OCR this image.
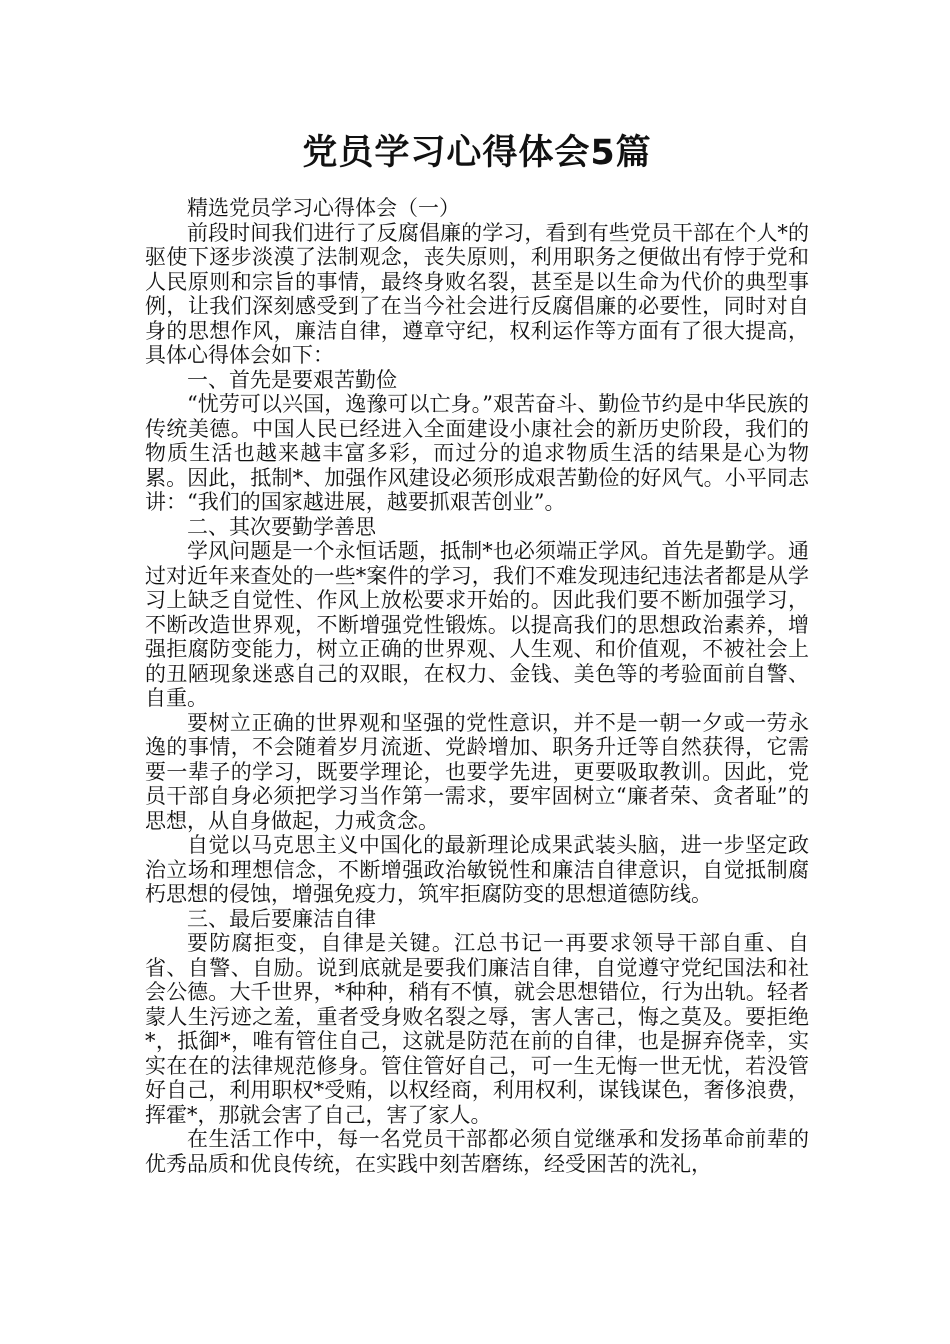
党员学习心得体会5篇

精选党员学习心得体会（一）

前段时间我们进行了反腐倡廉的学习，看到有些党员干部在个人*的驱使下逐步淡漠了法制观念，丧失原则，利用职务之便做出有悖于党和人民原则和宗旨的事情，最终身败名裂，甚至是以生命为代价的典型事例，让我们深刻感受到了在当今社会进行反腐倡廉的必要性，同时对自身的思想作风，廉洁自律，遵章守纪，权利运作等方面有了很大提高，具体心得体会如下：

一、首先是要艰苦勤俭

“忧劳可以兴国，逸豫可以亡身。”艰苦奋斗、勤俭节约是中华民族的传统美德。中国人民已经进入全面建设小康社会的新历史阶段，我们的物质生活也越来越丰富多彩，而过分的追求物质生活的结果是心为物累。因此，抵制*、加强作风建设必须形成艰苦勤俭的好风气。小平同志讲：“我们的国家越进展，越要抓艰苦创业”。

二、其次要勤学善思

学风问题是一个永恒话题，抵制*也必须端正学风。首先是勤学。通过对近年来查处的一些*案件的学习，我们不难发现违纪违法者都是从学习上缺乏自觉性、作风上放松要求开始的。因此我们要不断加强学习，不断改造世界观，不断增强党性锻炼。以提高我们的思想政治素养，增强拒腐防变能力，树立正确的世界观、人生观、和价值观，不被社会上的丑陋现象迷惑自己的双眼，在权力、金钱、美色等的考验面前自警、自重。

要树立正确的世界观和坚强的党性意识，并不是一朝一夕或一劳永逸的事情，不会随着岁月流逝、党龄增加、职务升迁等自然获得，它需要一辈子的学习，既要学理论，也要学先进，更要吸取教训。因此，党员干部自身必须把学习当作第一需求，要牢固树立“廉者荣、贪者耻”的思想，从自身做起，力戒贪念。

自觉以马克思主义中国化的最新理论成果武装头脑，进一步坚定政治立场和理想信念，不断增强政治敏锐性和廉洁自律意识，自觉抵制腐朽思想的侵蚀，增强免疫力，筑牢拒腐防变的思想道德防线。

三、最后要廉洁自律

要防腐拒变，自律是关键。江总书记一再要求领导干部自重、自省、自警、自励。说到底就是要我们廉洁自律，自觉遵守党纪国法和社会公德。大千世界，*种种，稍有不慎，就会思想错位，行为出轨。轻者蒙人生污迹之羞，重者受身败名裂之辱，害人害己，悔之莫及。要拒绝*，抵御*，唯有管住自己，这就是防范在前的自律，也是摒弃侥幸，实实在在的法律规范修身。管住管好自己，可一生无悔一世无忧，若没管好自己，利用职权*受贿，以权经商，利用权利，谋钱谋色，奢侈浪费，挥霍*，那就会害了自己，害了家人。

在生活工作中，每一名党员干部都必须自觉继承和发扬革命前辈的优秀品质和优良传统，在实践中刻苦磨练，经受困苦的洗礼，
